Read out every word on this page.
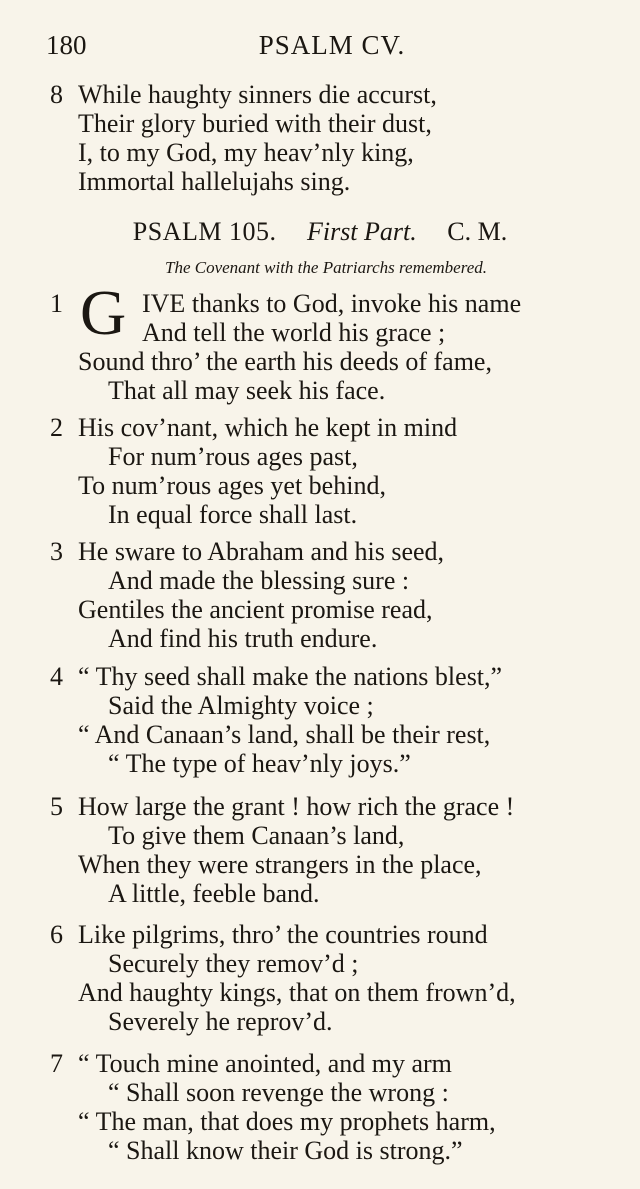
180	PSALM CV.
8 While haughty sinners die accurst,
Their glory buried with their dust,
I, to my God, my heav’nly king,
Immortal hallelujahs sing.
PSALM 105. First Part. C. M.
The Covenant with the Patriarchs remembered.
1 G IVE thanks to God, invoke his name
And tell the world his grace ;
Sound thro’ the earth his deeds of fame,
That all may seek his face.
2 His cov’nant, which he kept in mind
For num’rous ages past,
To num’rous ages yet behind,
In equal force shall last.
3 He sware to Abraham and his seed,
And made the blessing sure :
Gentiles the ancient promise read,
And find his truth endure.
4 “ Thy seed shall make the nations blest,”
Said the Almighty voice ;
“ And Canaan’s land, shall be their rest,
“ The type of heav’nly joys.”
5 How large the grant ! how rich the grace !
To give them Canaan’s land,
When they were strangers in the place,
A little, feeble band.
6 Like pilgrims, thro’ the countries round
Securely they remov’d ;
And haughty kings, that on them frown’d,
Severely he reprov’d.
7 “ Touch mine anointed, and my arm
“ Shall soon revenge the wrong :
“ The man, that does my prophets harm,
“ Shall know their God is strong.”
